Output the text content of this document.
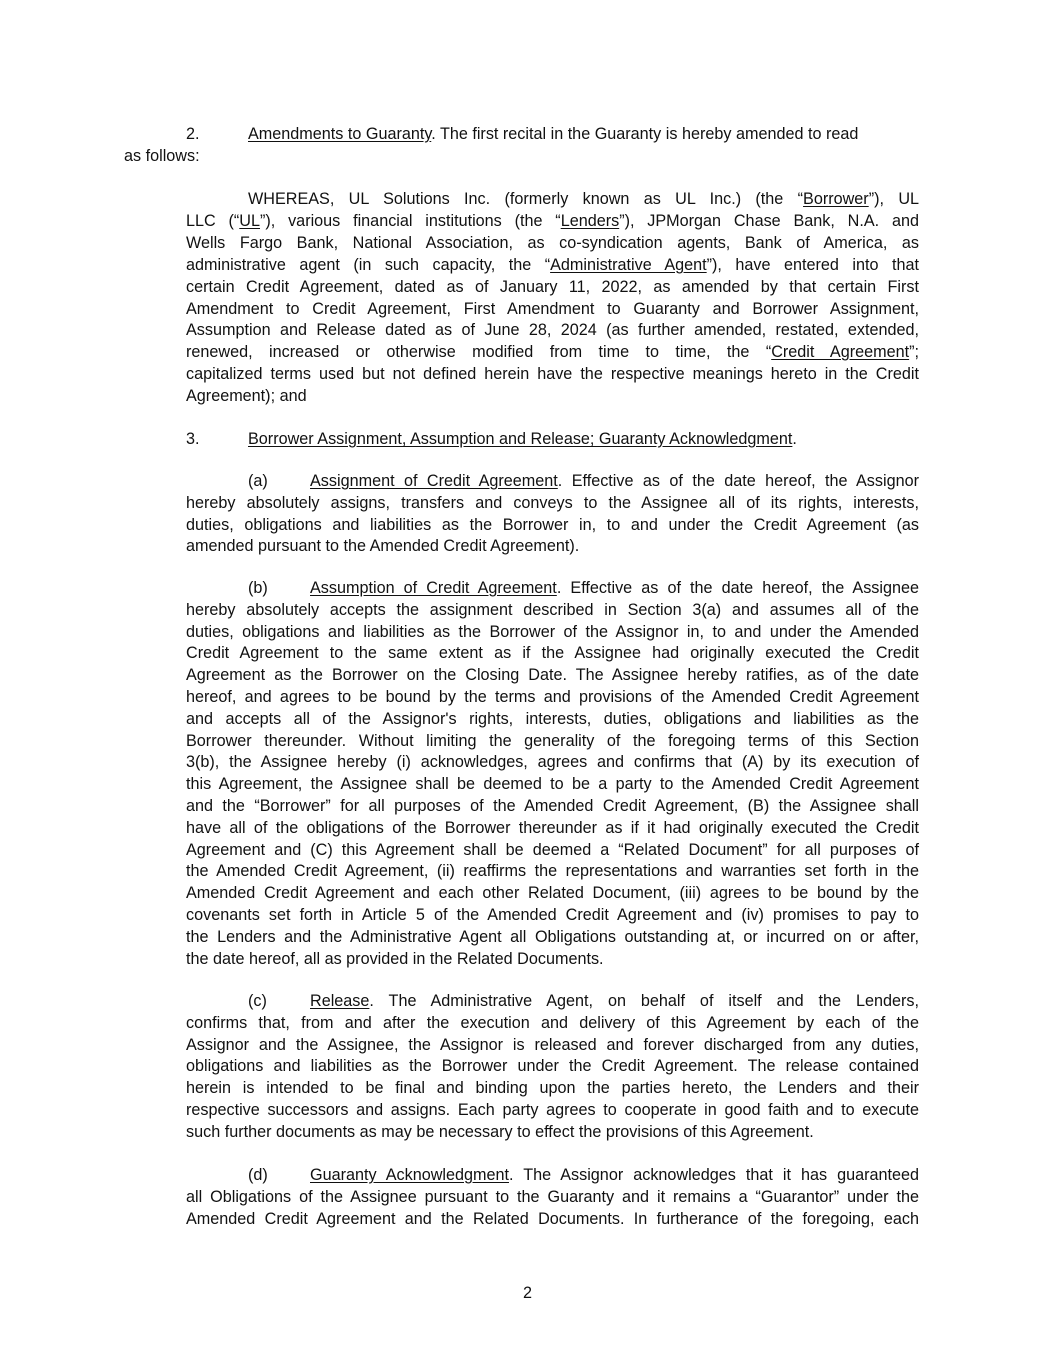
2.	Amendments to Guaranty. The first recital in the Guaranty is hereby amended to read
as follows:
WHEREAS, UL Solutions Inc. (formerly known as UL Inc.) (the “Borrower”), UL
LLC (“UL”), various financial institutions (the “Lenders”), JPMorgan Chase Bank, N.A. and
Wells Fargo Bank, National Association, as co-syndication agents, Bank of America, as
administrative agent (in such capacity, the “Administrative Agent”), have entered into that
certain Credit Agreement, dated as of January 11, 2022, as amended by that certain First
Amendment to Credit Agreement, First Amendment to Guaranty and Borrower Assignment,
Assumption and Release dated as of June 28, 2024 (as further amended, restated, extended,
renewed, increased or otherwise modified from time to time, the “Credit Agreement”;
capitalized terms used but not defined herein have the respective meanings hereto in the Credit
Agreement); and
3.	Borrower Assignment, Assumption and Release; Guaranty Acknowledgment.
(a)	Assignment of Credit Agreement. Effective as of the date hereof, the Assignor
hereby absolutely assigns, transfers and conveys to the Assignee all of its rights, interests,
duties, obligations and liabilities as the Borrower in, to and under the Credit Agreement (as
amended pursuant to the Amended Credit Agreement).
(b)	Assumption of Credit Agreement. Effective as of the date hereof, the Assignee
hereby absolutely accepts the assignment described in Section 3(a) and assumes all of the
duties, obligations and liabilities as the Borrower of the Assignor in, to and under the Amended
Credit Agreement to the same extent as if the Assignee had originally executed the Credit
Agreement as the Borrower on the Closing Date. The Assignee hereby ratifies, as of the date
hereof, and agrees to be bound by the terms and provisions of the Amended Credit Agreement
and accepts all of the Assignor's rights, interests, duties, obligations and liabilities as the
Borrower thereunder. Without limiting the generality of the foregoing terms of this Section
3(b), the Assignee hereby (i) acknowledges, agrees and confirms that (A) by its execution of
this Agreement, the Assignee shall be deemed to be a party to the Amended Credit Agreement
and the “Borrower” for all purposes of the Amended Credit Agreement, (B) the Assignee shall
have all of the obligations of the Borrower thereunder as if it had originally executed the Credit
Agreement and (C) this Agreement shall be deemed a “Related Document” for all purposes of
the Amended Credit Agreement, (ii) reaffirms the representations and warranties set forth in the
Amended Credit Agreement and each other Related Document, (iii) agrees to be bound by the
covenants set forth in Article 5 of the Amended Credit Agreement and (iv) promises to pay to
the Lenders and the Administrative Agent all Obligations outstanding at, or incurred on or after,
the date hereof, all as provided in the Related Documents.
(c)	Release. The Administrative Agent, on behalf of itself and the Lenders,
confirms that, from and after the execution and delivery of this Agreement by each of the
Assignor and the Assignee, the Assignor is released and forever discharged from any duties,
obligations and liabilities as the Borrower under the Credit Agreement. The release contained
herein is intended to be final and binding upon the parties hereto, the Lenders and their
respective successors and assigns. Each party agrees to cooperate in good faith and to execute
such further documents as may be necessary to effect the provisions of this Agreement.
(d)	Guaranty Acknowledgment. The Assignor acknowledges that it has guaranteed
all Obligations of the Assignee pursuant to the Guaranty and it remains a “Guarantor” under the
Amended Credit Agreement and the Related Documents. In furtherance of the foregoing, each
2
